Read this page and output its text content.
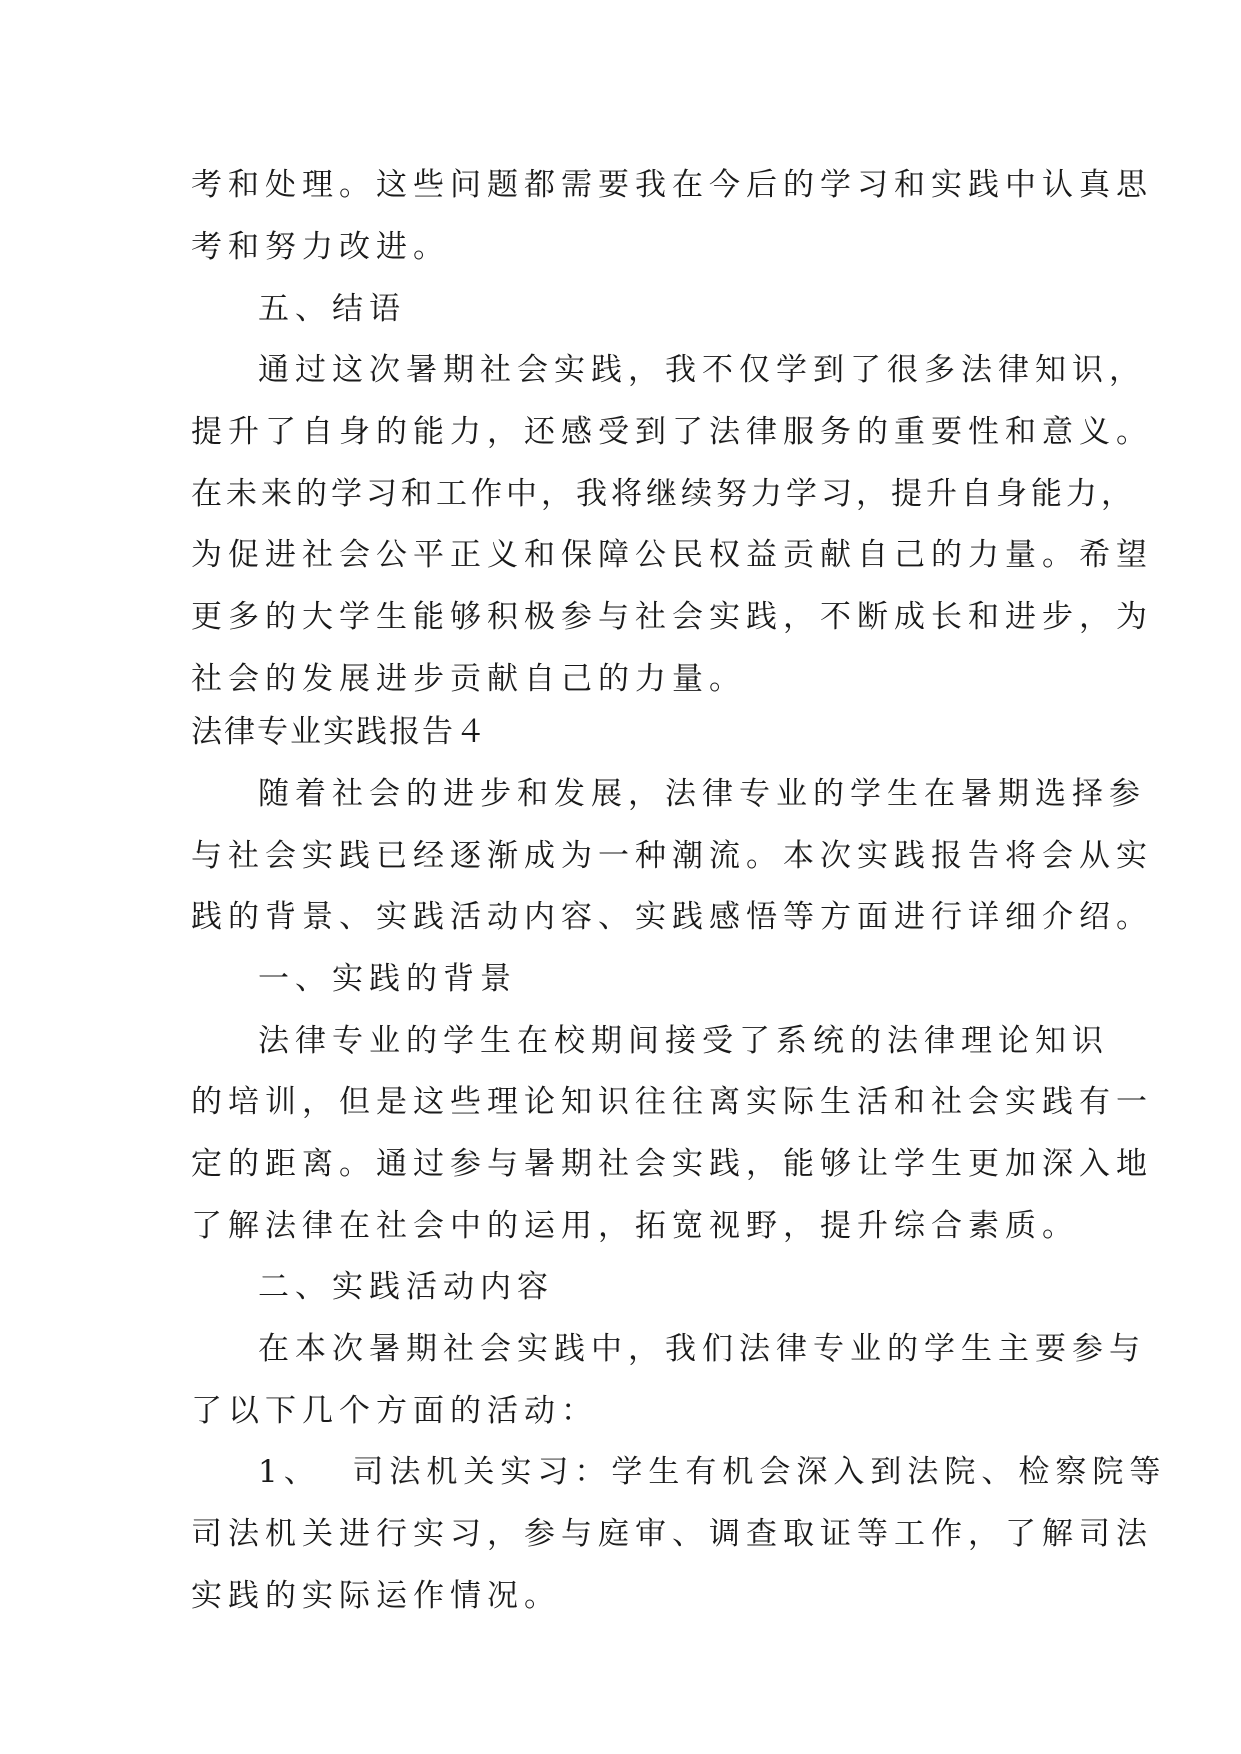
考和处理。这些问题都需要我在今后的学习和实践中认真思

考和努力改进。

五、结语

通过这次暑期社会实践，我不仅学到了很多法律知识，

提升了自身的能力，还感受到了法律服务的重要性和意义。

在未来的学习和工作中，我将继续努力学习，提升自身能力，

为促进社会公平正义和保障公民权益贡献自己的力量。希望

更多的大学生能够积极参与社会实践，不断成长和进步，为

社会的发展进步贡献自己的力量。

法律专业实践报告４

随着社会的进步和发展，法律专业的学生在暑期选择参

与社会实践已经逐渐成为一种潮流。本次实践报告将会从实

践的背景、实践活动内容、实践感悟等方面进行详细介绍。

一、实践的背景

法律专业的学生在校期间接受了系统的法律理论知识

的培训，但是这些理论知识往往离实际生活和社会实践有一

定的距离。通过参与暑期社会实践，能够让学生更加深入地

了解法律在社会中的运用，拓宽视野，提升综合素质。

二、实践活动内容

在本次暑期社会实践中，我们法律专业的学生主要参与

了以下几个方面的活动：

1、  司法机关实习：学生有机会深入到法院、检察院等

司法机关进行实习，参与庭审、调查取证等工作，了解司法

实践的实际运作情况。
